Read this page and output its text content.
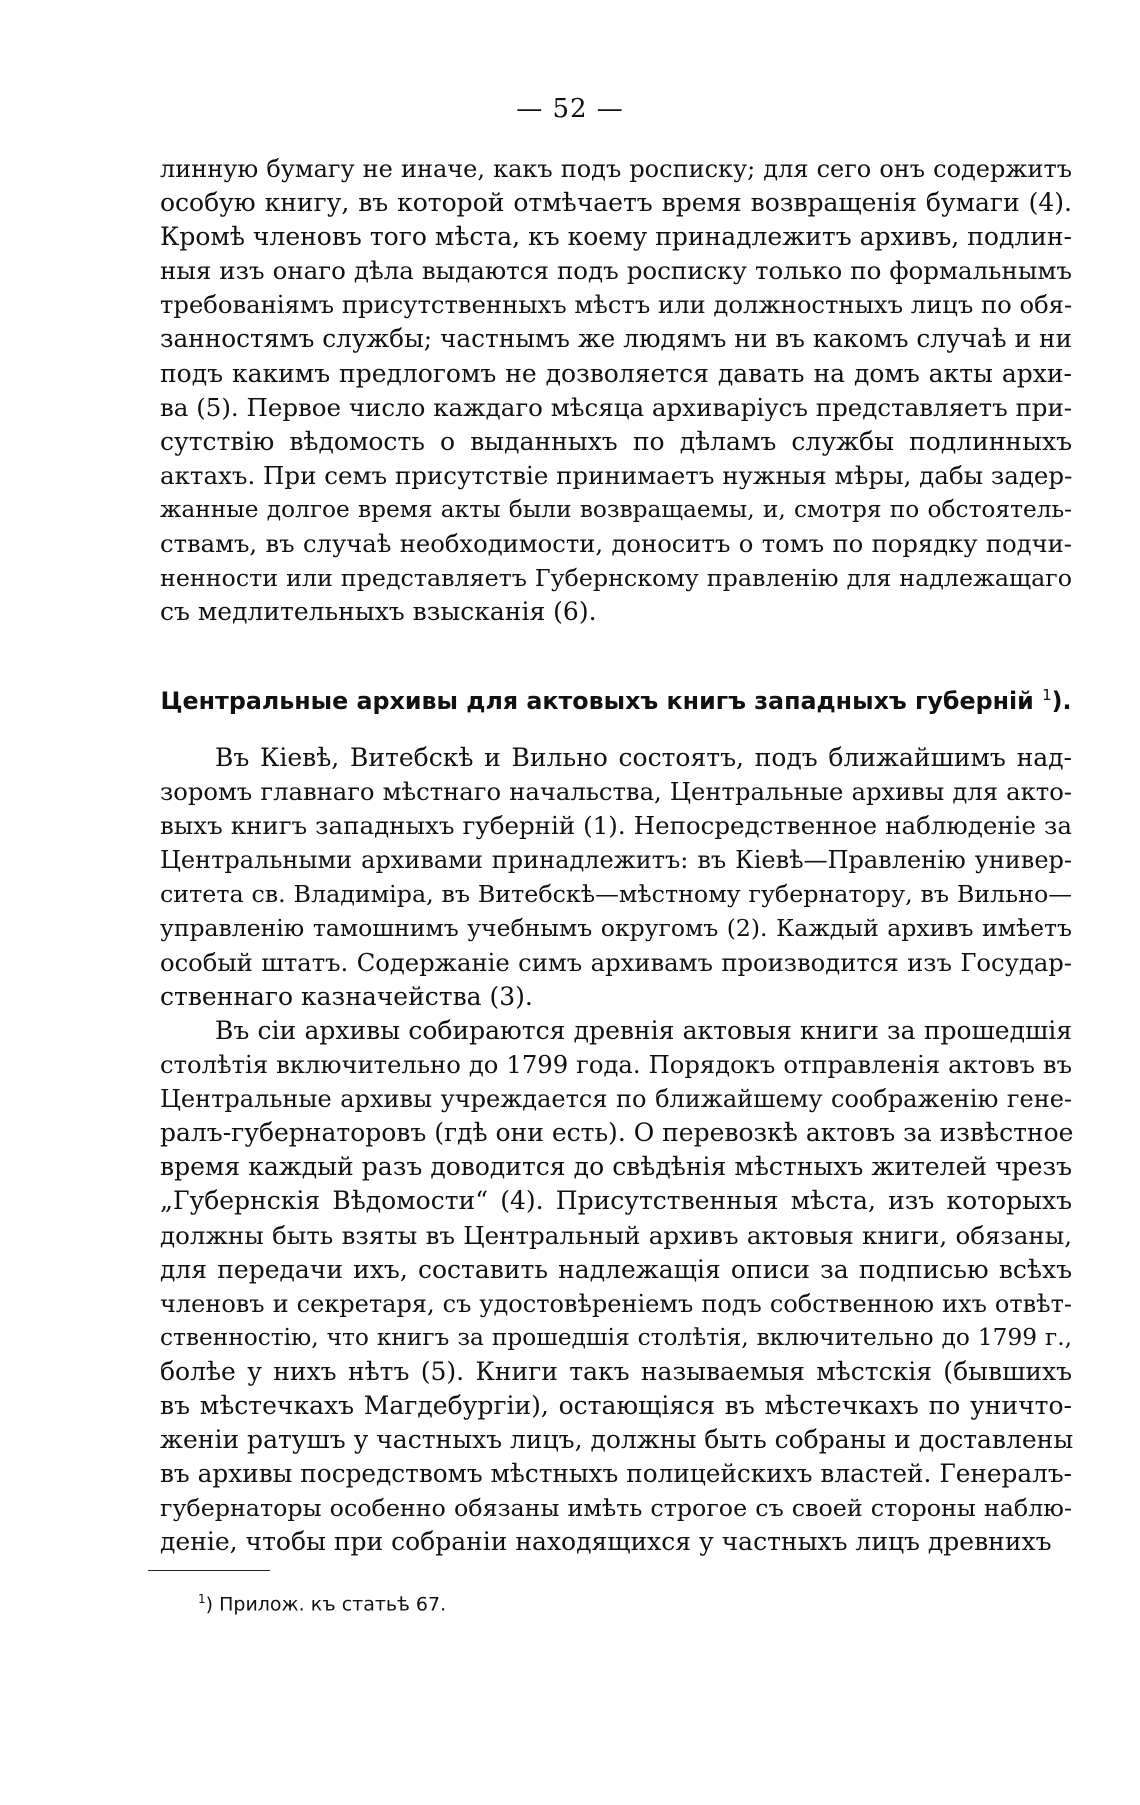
— 52 —
линную бумагу не иначе, какъ подъ росписку; для сего онъ содержитъ
особую книгу, въ которой отмѣчаетъ время возвращенія бумаги (4).
Кромѣ членовъ того мѣста, къ коему принадлежитъ архивъ, подлин-
ныя изъ онаго дѣла выдаются подъ росписку только по формальнымъ
требованіямъ присутственныхъ мѣстъ или должностныхъ лицъ по обя-
занностямъ службы; частнымъ же людямъ ни въ какомъ случаѣ и ни
подъ какимъ предлогомъ не дозволяется давать на домъ акты архи-
ва (5). Первое число каждаго мѣсяца архиваріусъ представляетъ при-
сутствію вѣдомость о выданныхъ по дѣламъ службы подлинныхъ
актахъ. При семъ присутствіе принимаетъ нужныя мѣры, дабы задер-
жанные долгое время акты были возвращаемы, и, смотря по обстоятель-
ствамъ, въ случаѣ необходимости, доноситъ о томъ по порядку подчи-
ненности или представляетъ Губернскому правленію для надлежащаго
съ медлительныхъ взысканія (6).
Центральные архивы для актовыхъ книгъ западныхъ губерній $^1$).
Въ Кіевѣ, Витебскѣ и Вильно состоятъ, подъ ближайшимъ над-
зоромъ главнаго мѣстнаго начальства, Центральные архивы для акто-
выхъ книгъ западныхъ губерній (1). Непосредственное наблюденіе за
Центральными архивами принадлежитъ: въ Кіевѣ—Правленію универ-
ситета св. Владиміра, въ Витебскѣ—мѣстному губернатору, въ Вильно—
управленію тамошнимъ учебнымъ округомъ (2). Каждый архивъ имѣетъ
особый штатъ. Содержаніе симъ архивамъ производится изъ Государ-
ственнаго казначейства (3).
Въ сіи архивы собираются древнія актовыя книги за прошедшія
столѣтія включительно до 1799 года. Порядокъ отправленія актовъ въ
Центральные архивы учреждается по ближайшему соображенію гене-
ралъ-губернаторовъ (гдѣ они есть). О перевозкѣ актовъ за извѣстное
время каждый разъ доводится до свѣдѣнія мѣстныхъ жителей чрезъ
„Губернскія Вѣдомости“ (4). Присутственныя мѣста, изъ которыхъ
должны быть взяты въ Центральный архивъ актовыя книги, обязаны,
для передачи ихъ, составить надлежащія описи за подписью всѣхъ
членовъ и секретаря, съ удостовѣреніемъ подъ собственною ихъ отвѣт-
ственностію, что книгъ за прошедшія столѣтія, включительно до 1799 г.,
болѣе у нихъ нѣтъ (5). Книги такъ называемыя мѣстскія (бывшихъ
въ мѣстечкахъ Магдебургіи), остающіяся въ мѣстечкахъ по уничто-
женіи ратушъ у частныхъ лицъ, должны быть собраны и доставлены
въ архивы посредствомъ мѣстныхъ полицейскихъ властей. Генералъ-
губернаторы особенно обязаны имѣть строгое съ своей стороны наблю-
деніе, чтобы при собраніи находящихся у частныхъ лицъ древнихъ
$^1$) Прилож. къ статьѣ 67.
